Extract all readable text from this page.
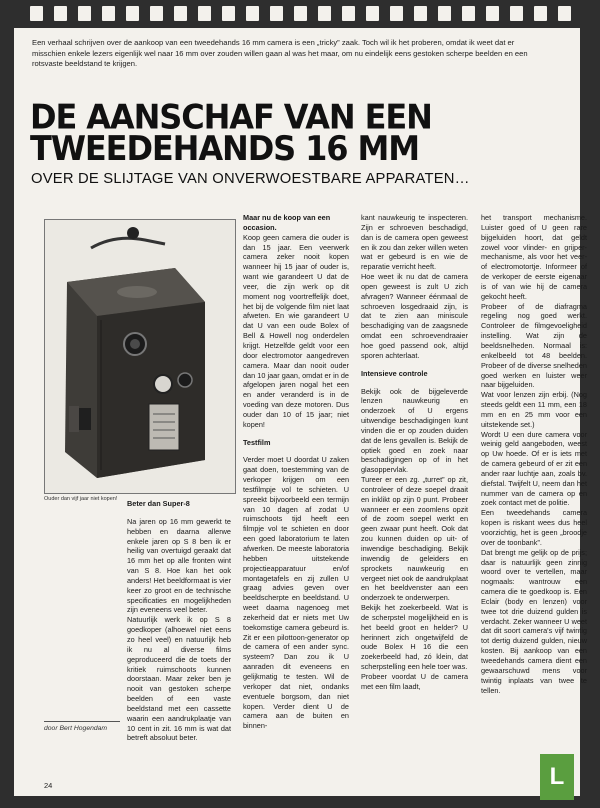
Een verhaal schrijven over de aankoop van een tweedehands 16 mm camera is een „tricky” zaak. Toch wil ik het proberen, omdat ik weet dat er misschien enkele lezers eigenlijk wel naar 16 mm over zouden willen gaan al was het maar, om nu eindelijk eens gestoken scherpe beelden en een rotsvaste beeldstand te krijgen.

DE AANSCHAF VAN EEN
TWEEDEHANDS 16 MM

OVER DE SLIJTAGE VAN ONVERWOESTBARE APPARATEN…

Ouder dan vijf jaar niet kopen!	Beter dan Super-8

Na jaren op 16 mm gewerkt te hebben en daarna allerwe enkele jaren op S 8 ben ik er heilig van overtuigd geraakt dat 16 mm het op alle fronten wint van S 8. Hoe kan het ook anders! Het beeldformaat is vier keer zo groot en de technische specificaties en mogelijkheden zijn eveneens veel beter.

Natuurlijk werk ik op S 8 goedkoper (alhoewel niet eens zo heel veel) en natuurlijk heb ik nu al diverse films geproduceerd die de toets der kritiek ruimschoots kunnen doorstaan. Maar zeker ben je nooit van gestoken scherpe beelden of een vaste beeldstand met een cassette waarin een aandrukplaatje van 10 cent in zit. 16 mm is wat dat betreft absoluut beter.

door Bert Hogendam

Maar nu de koop van een occasion.

Koop geen camera die ouder is dan 15 jaar. Een veerwerk camera zeker nooit kopen wanneer hij 15 jaar of ouder is, want wie garandeert U dat de veer, die zijn werk op dit moment nog voortreffelijk doet, het bij de volgende film niet laat afweten. En wie garandeert U dat U van een oude Bolex of Bell & Howell nog onderdelen krijgt. Hetzelfde geldt voor een door electromotor aangedreven camera. Maar dan nooit ouder dan 10 jaar gaan, omdat er in de afgelopen jaren nogal het een en ander veranderd is in de voeding van deze motoren. Dus ouder dan 10 of 15 jaar; niet kopen!

Testfilm

Verder moet U doordat U zaken gaat doen, toestemming van de verkoper krijgen om een testfilmpje vol te schieten. U spreekt bijvoorbeeld een termijn van 10 dagen af zodat U ruimschoots tijd heeft een filmpje vol te schieten en door een goed laboratorium te laten afwerken. De meeste laboratoria hebben uitstekende projectieapparatuur en/of montagetafels en zij zullen U graag advies geven over beeldscherpte en beeldstand. U weet daarna nagenoeg met zekerheid dat er niets met Uw toekomstige camera gebeurd is. Zit er een pilottoon-generator op de camera of een ander sync. systeem? Dan zou ik U aanraden dit eveneens en gelijkmatig te testen. Wil de verkoper dat niet, ondanks eventuele borgsom, dan niet kopen. Verder dient U de camera aan de buiten en binnen-

kant nauwkeurig te inspecteren. Zijn er schroeven beschadigd, dan is de camera open geweest en ik zou dan zeker willen weten wat er gebeurd is en wie de reparatie verricht heeft.

Hoe weet ik nu dat de camera open geweest is zult U zich afvragen? Wanneer éénmaal de schroeven losgedraaid zijn, is dat te zien aan miniscule beschadiging van de zaagsnede omdat een schroevendraaier hoe goed passend ook, altijd sporen achterlaat.

Intensieve controle

Bekijk ook de bijgeleverde lenzen nauwkeurig en onderzoek of U ergens uitwendige beschadigingen kunt vinden die er op zouden duiden dat de lens gevallen is. Bekijk de optiek goed en zoek naar beschadigingen op of in het glasoppervlak.

Tureer er een zg. „turret” op zit, controleer of deze soepel draait en inklikt op zijn 0 punt. Probeer wanneer er een zoomlens opzit of de zoom soepel werkt en geen zwaar punt heeft. Ook dat zou kunnen duiden op uit- of inwendige beschadiging. Bekijk inwendig de geleiders en sprockets nauwkeurig en vergeet niet ook de aandrukplaat en het beeldvenster aan een onderzoek te onderwerpen.

Bekijk het zoekerbeeld. Wat is de scherpstel mogelijkheid en is het beeld groot en helder? U herinnert zich ongetwijfeld de oude Bolex H 16 die een zoekerbeeld had, zó klein, dat scherpstelling een hele toer was.

Probeer voordat U de camera met een film laadt,

het transport mechanisme. Luister goed of U geen rare bijgeluiden hoort, dat geldt zowel voor vlinder- en grijper-mechanisme, als voor het veer- of electromotortje. Informeer of de verkoper de eerste eigenaar is of van wie hij de camera gekocht heeft.

Probeer of de diafragma regeling nog goed werkt. Controleer de filmgevoeligheid instelling. Wat zijn de beeldsnelheden. Normaal is: enkelbeeld tot 48 beelden. Probeer of de diverse snelheden goed werken en luister weer naar bijgeluiden.

Wat voor lenzen zijn erbij. (Nog steeds geldt een 11 mm, een 18 mm en en 25 mm voor een uitstekende set.)

Wordt U een dure camera voor weinig geld aangeboden, weest op Uw hoede. Of er is iets met de camera gebeurd of er zit een ander raar luchtje aan, zoals bv. diefstal. Twijfelt U, neem dan het nummer van de camera op en zoek contact met de politie.

Een tweedehands camera kopen is riskant wees dus heel voorzichtig, het is geen „broodje over de toonbank”.

Dat brengt me gelijk op de prijs; daar is natuurlijk geen zinnig woord over te vertellen, maar nogmaals: wantrouw een camera die te goedkoop is. Een Eclair (body en lenzen) voor twee tot drie duizend gulden is verdacht. Zeker wanneer U weet dat dit soort camera's vijf twintig tot dertig duizend gulden, nieuw kosten. Bij aankoop van een tweedehands camera dient een gewaarschuwd mens voor twintig inplaats van twee te tellen.

24	L
